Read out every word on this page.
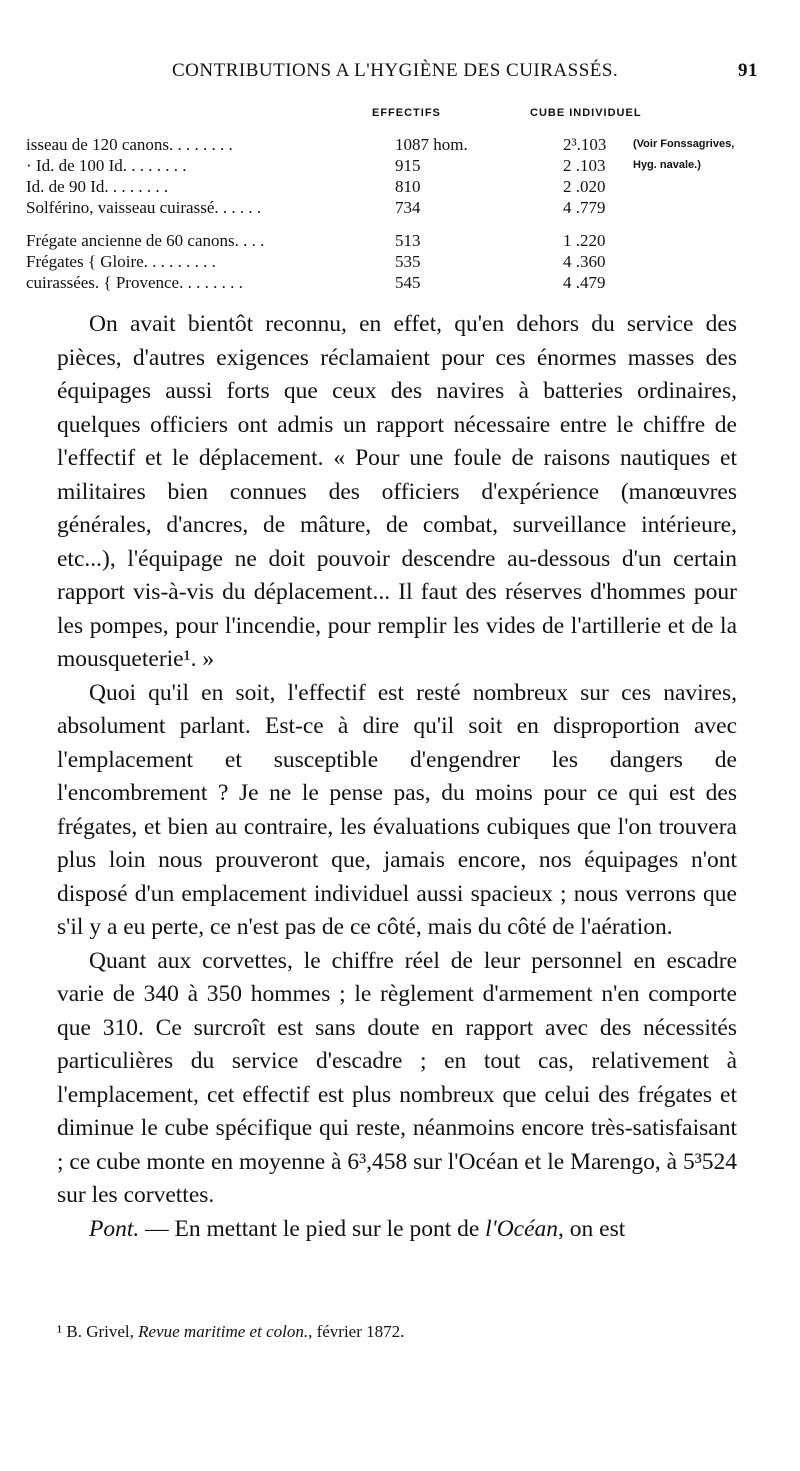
CONTRIBUTIONS A L'HYGIÈNE DES CUIRASSÉS.	91
EFFECTIFS	CUBE INDIVIDUEL
isseau de 120 canons. . . . . . . .	1087 hom.	2³.103	(Voir Fonssagrives,
· Id. de 100 Id. . . . . . . .	915	2 .103	Hyg. navale.)
Id. de 90 Id. . . . . . . .	810	2 .020	
Solférino, vaisseau cuirassé. . . . . .	734	4 .779	
Frégate ancienne de 60 canons. . . .	513	1 .220	
Frégates { Gloire. . . . . . . . .	535	4 .360	
cuirassées. { Provence. . . . . . . .	545	4 .479	

On avait bientôt reconnu, en effet, qu'en dehors du service des pièces, d'autres exigences réclamaient pour ces énormes masses des équipages aussi forts que ceux des navires à batteries ordinaires, quelques officiers ont admis un rapport nécessaire entre le chiffre de l'effectif et le déplacement. « Pour une foule de raisons nautiques et militaires bien connues des officiers d'expérience (manœuvres générales, d'ancres, de mâture, de combat, surveillance intérieure, etc...), l'équipage ne doit pouvoir descendre au-dessous d'un certain rapport vis-à-vis du déplacement... Il faut des réserves d'hommes pour les pompes, pour l'incendie, pour remplir les vides de l'artillerie et de la mousqueterie¹. »

Quoi qu'il en soit, l'effectif est resté nombreux sur ces navires, absolument parlant. Est-ce à dire qu'il soit en disproportion avec l'emplacement et susceptible d'engendrer les dangers de l'encombrement ? Je ne le pense pas, du moins pour ce qui est des frégates, et bien au contraire, les évaluations cubiques que l'on trouvera plus loin nous prouveront que, jamais encore, nos équipages n'ont disposé d'un emplacement individuel aussi spacieux ; nous verrons que s'il y a eu perte, ce n'est pas de ce côté, mais du côté de l'aération.

Quant aux corvettes, le chiffre réel de leur personnel en escadre varie de 340 à 350 hommes ; le règlement d'armement n'en comporte que 310. Ce surcroît est sans doute en rapport avec des nécessités particulières du service d'escadre ; en tout cas, relativement à l'emplacement, cet effectif est plus nombreux que celui des frégates et diminue le cube spécifique qui reste, néanmoins encore très-satisfaisant ; ce cube monte en moyenne à 6³,458 sur l'Océan et le Marengo, à 5³524 sur les corvettes.

Pont. — En mettant le pied sur le pont de l'Océan, on est

¹ B. Grivel, Revue maritime et colon., février 1872.
